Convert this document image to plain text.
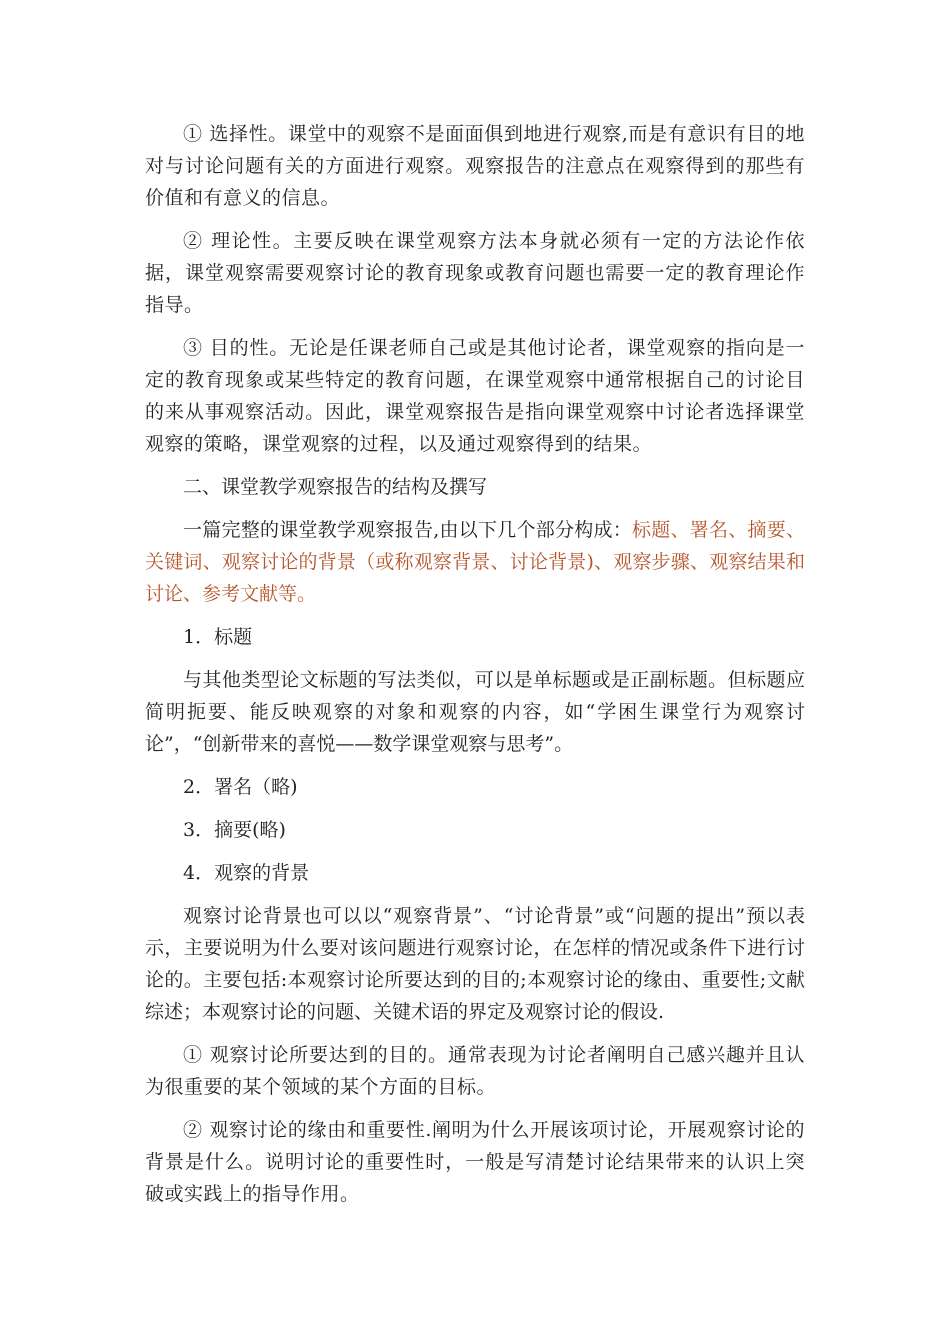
① 选择性。课堂中的观察不是面面俱到地进行观察,而是有意识有目的地对与讨论问题有关的方面进行观察。观察报告的注意点在观察得到的那些有价值和有意义的信息。

② 理论性。主要反映在课堂观察方法本身就必须有一定的方法论作依据，课堂观察需要观察讨论的教育现象或教育问题也需要一定的教育理论作指导。

③ 目的性。无论是任课老师自己或是其他讨论者，课堂观察的指向是一定的教育现象或某些特定的教育问题，在课堂观察中通常根据自己的讨论目的来从事观察活动。因此，课堂观察报告是指向课堂观察中讨论者选择课堂观察的策略，课堂观察的过程，以及通过观察得到的结果。

二、课堂教学观察报告的结构及撰写

一篇完整的课堂教学观察报告,由以下几个部分构成：标题、署名、摘要、关键词、观察讨论的背景（或称观察背景、讨论背景)、观察步骤、观察结果和讨论、参考文献等。

1．标题

与其他类型论文标题的写法类似，可以是单标题或是正副标题。但标题应简明扼要、能反映观察的对象和观察的内容，如“学困生课堂行为观察讨论”，“创新带来的喜悦——数学课堂观察与思考”。

2．署名（略)

3．摘要(略)

4．观察的背景

观察讨论背景也可以以“观察背景”、“讨论背景”或“问题的提出”预以表示，主要说明为什么要对该问题进行观察讨论，在怎样的情况或条件下进行讨论的。主要包括:本观察讨论所要达到的目的;本观察讨论的缘由、重要性;文献综述；本观察讨论的问题、关键术语的界定及观察讨论的假设.

① 观察讨论所要达到的目的。通常表现为讨论者阐明自己感兴趣并且认为很重要的某个领域的某个方面的目标。

② 观察讨论的缘由和重要性.阐明为什么开展该项讨论，开展观察讨论的背景是什么。说明讨论的重要性时，一般是写清楚讨论结果带来的认识上突破或实践上的指导作用。
